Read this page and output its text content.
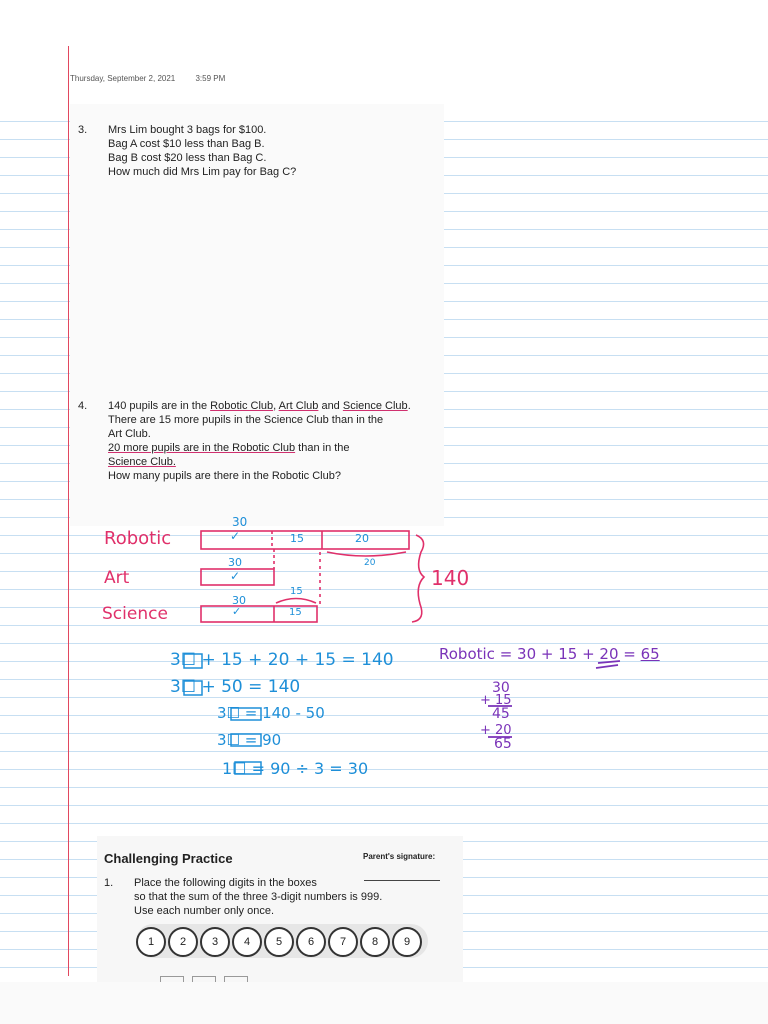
Thursday, September 2, 2021	3:59 PM
3. Mrs Lim bought 3 bags for $100.
Bag A cost $10 less than Bag B.
Bag B cost $20 less than Bag C.
How much did Mrs Lim pay for Bag C?
4. 140 pupils are in the Robotic Club, Art Club and Science Club.
There are 15 more pupils in the Science Club than in the
Art Club.
20 more pupils are in the Robotic Club than in the
Science Club.
How many pupils are there in the Robotic Club?
Robotic
Art
Science
30
✓	15	20
20
30
✓
30
✓
15
15
140
3☐ + 15 + 20 + 15 = 140
3☐ + 50 = 140
3☐ = 140 - 50
3☐ = 90
1☐ = 90 ÷ 3 = 30
Robotic = 30 + 15 + 20 = 65
30
+ 15
45
+ 20
65
Challenging Practice	Parent's signature:
1. Place the following digits in the boxes
so that the sum of the three 3-digit numbers is 999.
Use each number only once.
1	2	3	4	5	6	7	8	9
